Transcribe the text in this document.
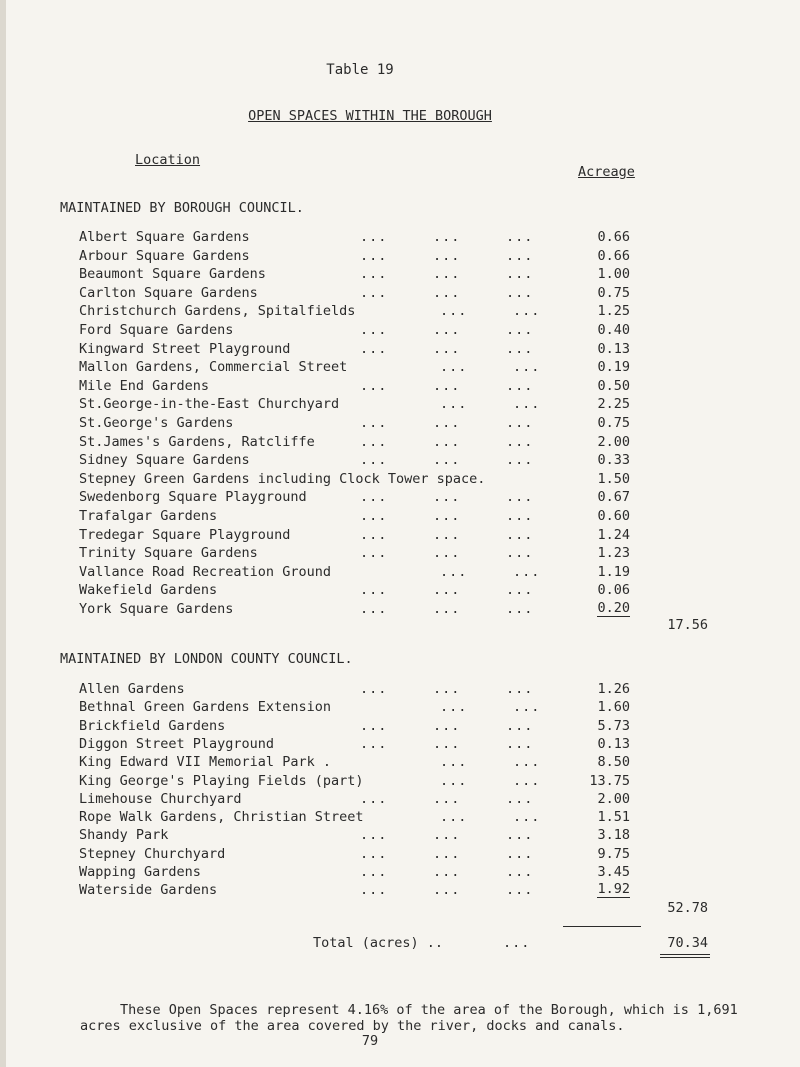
Table 19
OPEN SPACES WITHIN THE BOROUGH
Location
Acreage
MAINTAINED BY BOROUGH COUNCIL.
Albert Square Gardens	...     ...     ...	0.66
Arbour Square Gardens	...     ...     ...	0.66
Beaumont Square Gardens	...     ...     ...	1.00
Carlton Square Gardens	...     ...     ...	0.75
Christchurch Gardens, Spitalfields	...     ...	1.25
Ford Square Gardens	...     ...     ...	0.40
Kingward Street Playground	...     ...     ...	0.13
Mallon Gardens, Commercial Street	...     ...	0.19
Mile End Gardens	...     ...     ...	0.50
St.George-in-the-East Churchyard	...     ...	2.25
St.George's Gardens	...     ...     ...	0.75
St.James's Gardens, Ratcliffe	...     ...     ...	2.00
Sidney Square Gardens	...     ...     ...	0.33
Stepney Green Gardens including Clock Tower space.	1.50
Swedenborg Square Playground	...     ...     ...	0.67
Trafalgar Gardens	...     ...     ...	0.60
Tredegar Square Playground	...     ...     ...	1.24
Trinity Square Gardens	...     ...     ...	1.23
Vallance Road Recreation Ground	...     ...	1.19
Wakefield Gardens	...     ...     ...	0.06
York Square Gardens	...     ...     ...	0.20
17.56
MAINTAINED BY LONDON COUNTY COUNCIL.
Allen Gardens	...     ...     ...	1.26
Bethnal Green Gardens Extension	...     ...	1.60
Brickfield Gardens	...     ...     ...	5.73
Diggon Street Playground	...     ...     ...	0.13
King Edward VII Memorial Park .	...     ...	8.50
King George's Playing Fields (part)	...     ...	13.75
Limehouse Churchyard	...     ...     ...	2.00
Rope Walk Gardens, Christian Street	...     ...	1.51
Shandy Park	...     ...     ...	3.18
Stepney Churchyard	...     ...     ...	9.75
Wapping Gardens	...     ...     ...	3.45
Waterside Gardens	...     ...     ...	1.92
52.78
Total (acres) ..	...	70.34
These Open Spaces represent 4.16% of the area of the Borough, which is 1,691 acres exclusive of the area covered by the river, docks and canals.
79
